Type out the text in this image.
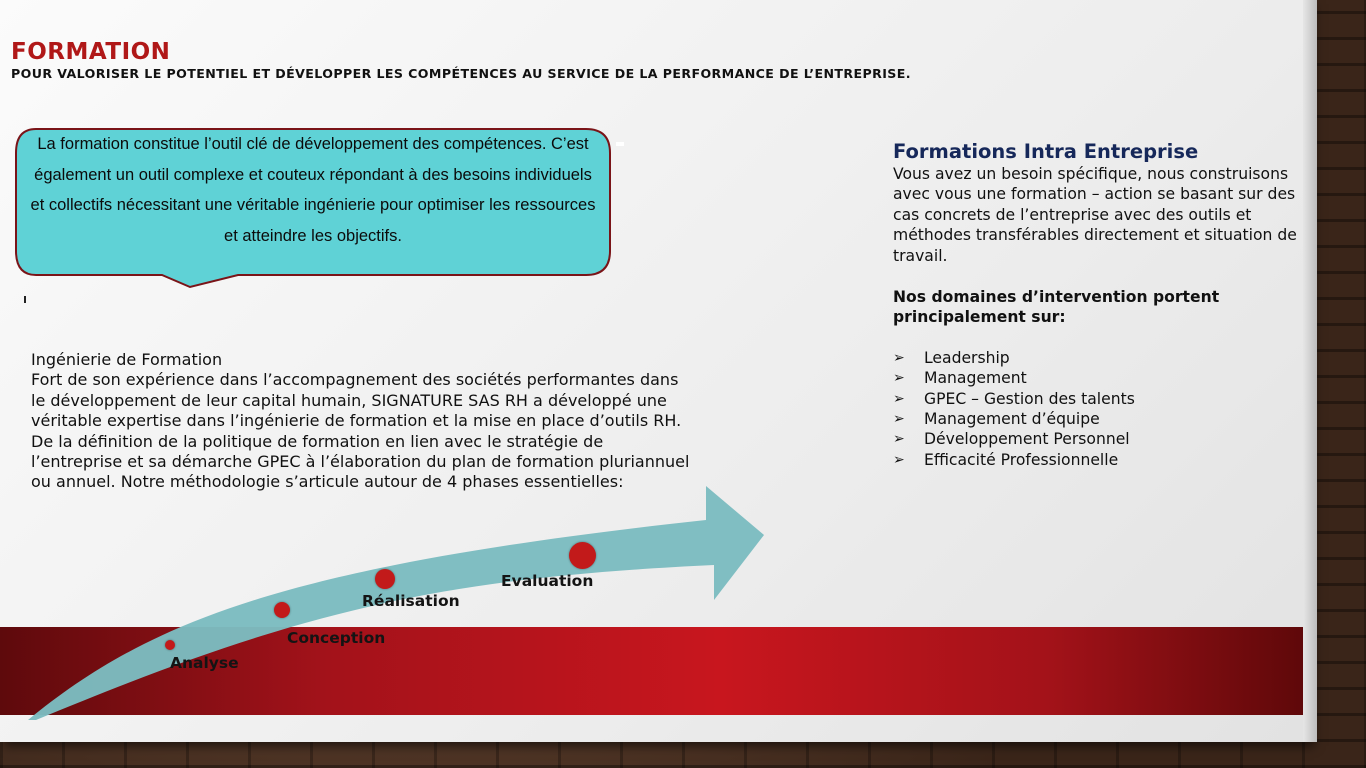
FORMATION

POUR VALORISER LE POTENTIEL ET DÉVELOPPER LES COMPÉTENCES AU SERVICE DE LA PERFORMANCE DE L’ENTREPRISE.

La formation constitue l’outil clé de développement des compétences. C’est également un outil complexe et couteux répondant à des besoins individuels et collectifs nécessitant une véritable ingénierie pour optimiser les ressources et atteindre les objectifs.

Ingénierie de Formation

Fort de son expérience dans l’accompagnement des sociétés performantes dans le développement de leur capital humain, SIGNATURE SAS RH a développé une véritable expertise dans l’ingénierie de formation et la mise en place d’outils RH.

De la définition de la politique de formation en lien avec le stratégie de l’entreprise et sa démarche GPEC à l’élaboration du plan de formation pluriannuel ou annuel. Notre méthodologie s’articule autour de 4 phases essentielles:

Analyse
Conception
Réalisation
Evaluation
Formations Intra Entreprise

Vous avez un besoin spécifique, nous construisons avec vous une formation – action se basant sur des cas concrets de l’entreprise avec des outils et méthodes transférables directement et situation de travail.

Nos domaines d’intervention portent principalement sur:

➢ Leadership
➢ Management
➢ GPEC – Gestion des talents
➢ Management d’équipe
➢ Développement Personnel
➢ Efficacité Professionnelle
